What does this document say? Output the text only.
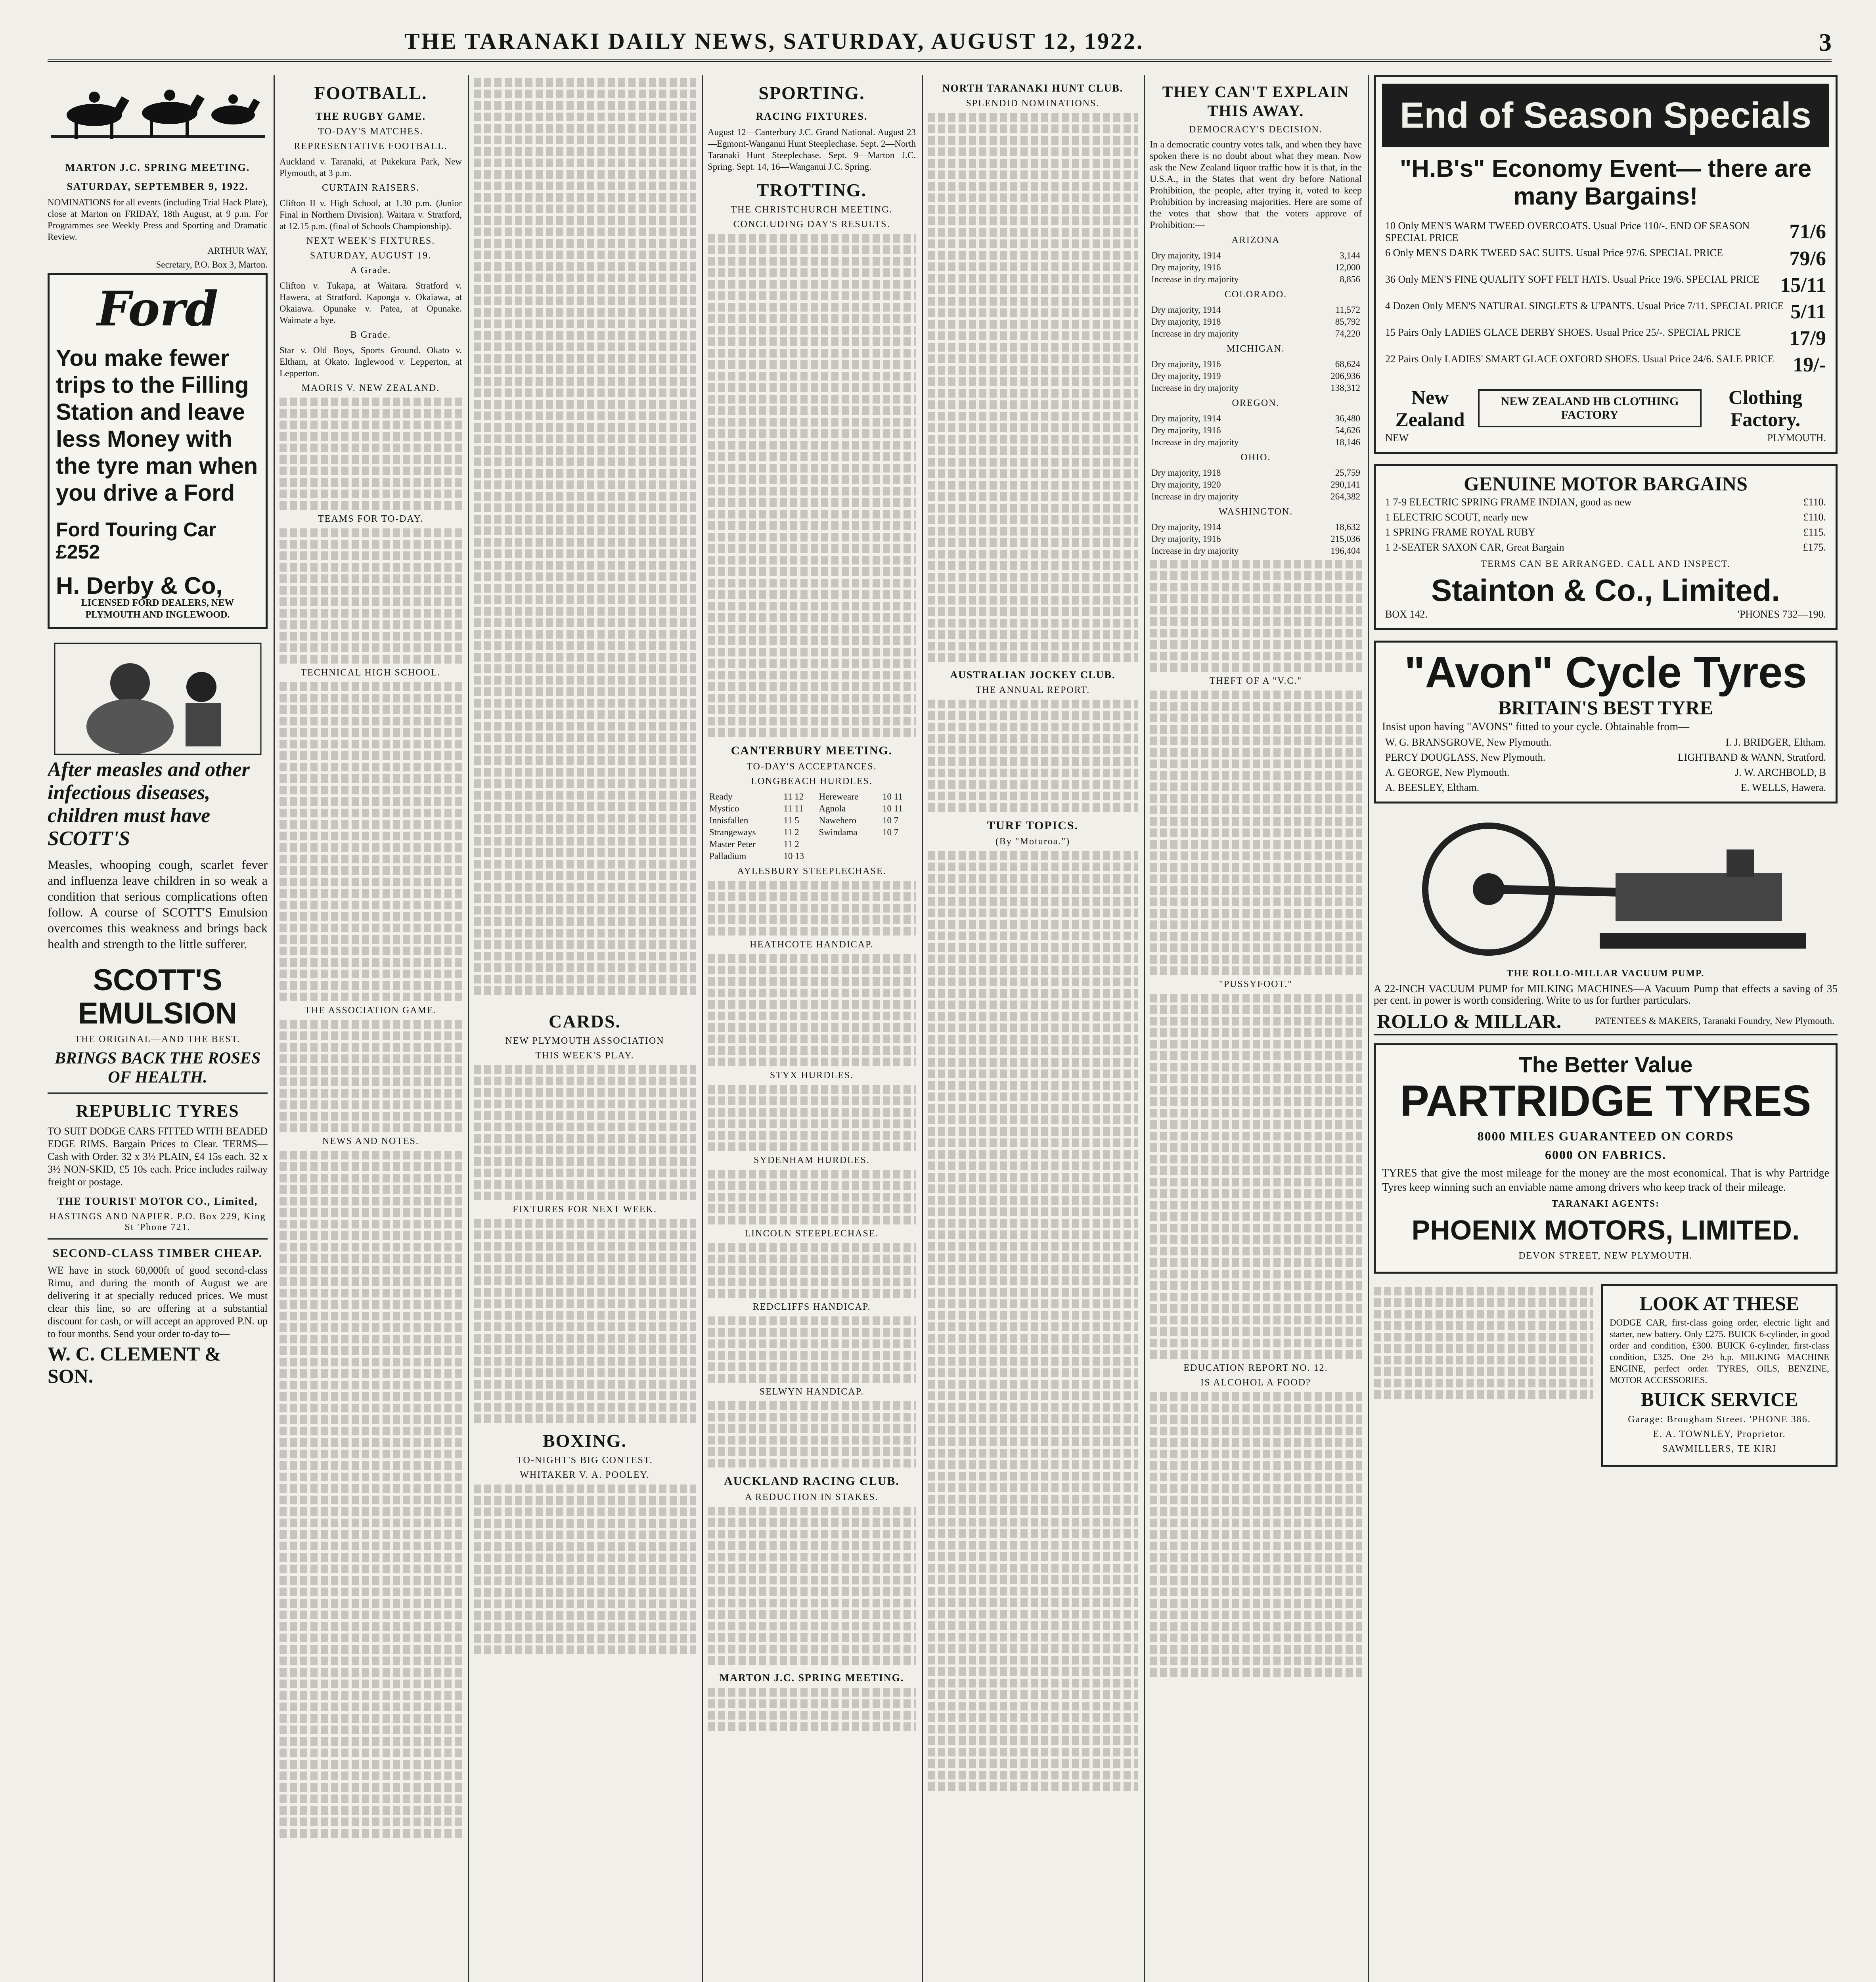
THE TARANAKI DAILY NEWS, SATURDAY, AUGUST 12, 1922.	3
MARTON J.C. SPRING MEETING.
SATURDAY, SEPTEMBER 9, 1922.
NOMINATIONS for all events (including Trial Hack Plate), close at Marton on FRIDAY, 18th August, at 9 p.m. For Programmes see Weekly Press and Sporting and Dramatic Review.
ARTHUR WAY,
Secretary, P.O. Box 3, Marton.
Ford
You make fewer trips to the Filling Station and leave less Money with the tyre man when you drive a Ford
Ford Touring Car £252
H. Derby & Co,
LICENSED FORD DEALERS, NEW PLYMOUTH AND INGLEWOOD.
After measles and other infectious diseases, children must have SCOTT'S
Measles, whooping cough, scarlet fever and influenza leave children in so weak a condition that serious complications often follow. A course of SCOTT'S Emulsion overcomes this weakness and brings back health and strength to the little sufferer.
SCOTT'S EMULSION
THE ORIGINAL—AND THE BEST.
BRINGS BACK THE ROSES OF HEALTH.
REPUBLIC TYRES
TO SUIT DODGE CARS FITTED WITH BEADED EDGE RIMS. Bargain Prices to Clear. TERMS—Cash with Order. 32 x 3½ PLAIN, £4 15s each. 32 x 3½ NON-SKID, £5 10s each. Price includes railway freight or postage.
THE TOURIST MOTOR CO., Limited,
HASTINGS AND NAPIER. P.O. Box 229, King St 'Phone 721.
SECOND-CLASS TIMBER CHEAP.
WE have in stock 60,000ft of good second-class Rimu, and during the month of August we are delivering it at specially reduced prices. We must clear this line, so are offering at a substantial discount for cash, or will accept an approved P.N. up to four months. Send your order to-day to—
W. C. CLEMENT & SON.
FOOTBALL.
THE RUGBY GAME.
TO-DAY'S MATCHES.
REPRESENTATIVE FOOTBALL.
Auckland v. Taranaki, at Pukekura Park, New Plymouth, at 3 p.m.
CURTAIN RAISERS.
Clifton II v. High School, at 1.30 p.m. (Junior Final in Northern Division). Waitara v. Stratford, at 12.15 p.m. (final of Schools Championship).
NEXT WEEK'S FIXTURES.
SATURDAY, AUGUST 19.
A Grade.
Clifton v. Tukapa, at Waitara. Stratford v. Hawera, at Stratford. Kaponga v. Okaiawa, at Okaiawa. Opunake v. Patea, at Opunake. Waimate a bye.
B Grade.
Star v. Old Boys, Sports Ground. Okato v. Eltham, at Okato. Inglewood v. Lepperton, at Lepperton.
MAORIS V. NEW ZEALAND.
TEAMS FOR TO-DAY.
TECHNICAL HIGH SCHOOL.
THE ASSOCIATION GAME.
NEWS AND NOTES.
CARDS.
NEW PLYMOUTH ASSOCIATION
THIS WEEK'S PLAY.
FIXTURES FOR NEXT WEEK.
BOXING.
TO-NIGHT'S BIG CONTEST.
WHITAKER V. A. POOLEY.
SPORTING.
RACING FIXTURES.
August 12—Canterbury J.C. Grand National. August 23—Egmont-Wanganui Hunt Steeplechase. Sept. 2—North Taranaki Hunt Steeplechase. Sept. 9—Marton J.C. Spring. Sept. 14, 16—Wanganui J.C. Spring.
TROTTING.
THE CHRISTCHURCH MEETING.
CONCLUDING DAY'S RESULTS.
CANTERBURY MEETING.
TO-DAY'S ACCEPTANCES.
LONGBEACH HURDLES.
Ready	11 12	Hereweare	10 11
Mystico	11 11	Agnola	10 11
Innisfallen	11 5	Nawehero	10 7
Strangeways	11 2	Swindama	10 7
Master Peter	11 2		
Palladium	10 13		
AYLESBURY STEEPLECHASE.
HEATHCOTE HANDICAP.
STYX HURDLES.
SYDENHAM HURDLES.
LINCOLN STEEPLECHASE.
REDCLIFFS HANDICAP.
SELWYN HANDICAP.
AUCKLAND RACING CLUB.
A REDUCTION IN STAKES.
MARTON J.C. SPRING MEETING.
NORTH TARANAKI HUNT CLUB.
SPLENDID NOMINATIONS.
AUSTRALIAN JOCKEY CLUB.
THE ANNUAL REPORT.
TURF TOPICS.
(By "Moturoa.")
THEY CAN'T EXPLAIN THIS AWAY.
DEMOCRACY'S DECISION.
In a democratic country votes talk, and when they have spoken there is no doubt about what they mean. Now ask the New Zealand liquor traffic how it is that, in the U.S.A., in the States that went dry before National Prohibition, the people, after trying it, voted to keep Prohibition by increasing majorities. Here are some of the votes that show that the voters approve of Prohibition:—
ARIZONA
Dry majority, 1914	3,144
Dry majority, 1916	12,000
Increase in dry majority	8,856
COLORADO.
Dry majority, 1914	11,572
Dry majority, 1918	85,792
Increase in dry majority	74,220
MICHIGAN.
Dry majority, 1916	68,624
Dry majority, 1919	206,936
Increase in dry majority	138,312
OREGON.
Dry majority, 1914	36,480
Dry majority, 1916	54,626
Increase in dry majority	18,146
OHIO.
Dry majority, 1918	25,759
Dry majority, 1920	290,141
Increase in dry majority	264,382
WASHINGTON.
Dry majority, 1914	18,632
Dry majority, 1916	215,036
Increase in dry majority	196,404
THEFT OF A "V.C."
"PUSSYFOOT."
EDUCATION REPORT NO. 12.
IS ALCOHOL A FOOD?
End of Season Specials
"H.B's" Economy Event— there are many Bargains!
10 Only MEN'S WARM TWEED OVERCOATS. Usual Price 110/-. END OF SEASON SPECIAL PRICE	71/6
6 Only MEN'S DARK TWEED SAC SUITS. Usual Price 97/6. SPECIAL PRICE	79/6
36 Only MEN'S FINE QUALITY SOFT FELT HATS. Usual Price 19/6. SPECIAL PRICE	15/11
4 Dozen Only MEN'S NATURAL SINGLETS & U'PANTS. Usual Price 7/11. SPECIAL PRICE 5/11
15 Pairs Only LADIES GLACE DERBY SHOES. Usual Price 25/-. SPECIAL PRICE	17/9
22 Pairs Only LADIES' SMART GLACE OXFORD SHOES. Usual Price 24/6. SALE PRICE 19/-
New Zealand
NEW ZEALAND HB CLOTHING FACTORY
Clothing Factory.
NEW	PLYMOUTH.
GENUINE MOTOR BARGAINS
1 7-9 ELECTRIC SPRING FRAME INDIAN, good as new	£110.
1 ELECTRIC SCOUT, nearly new	£110.
1 SPRING FRAME ROYAL RUBY	£115.
1 2-SEATER SAXON CAR, Great Bargain	£175.
TERMS CAN BE ARRANGED. CALL AND INSPECT.
Stainton & Co., Limited.
BOX 142.	'PHONES 732—190.
"Avon" Cycle Tyres
BRITAIN'S BEST TYRE
Insist upon having "AVONS" fitted to your cycle. Obtainable from—
W. G. BRANSGROVE, New Plymouth.	I. J. BRIDGER, Eltham.
PERCY DOUGLASS, New Plymouth.	LIGHTBAND & WANN, Stratford.
A. GEORGE, New Plymouth.	J. W. ARCHBOLD, B
A. BEESLEY, Eltham.	E. WELLS, Hawera.
THE ROLLO-MILLAR VACUUM PUMP.
A 22-INCH VACUUM PUMP for MILKING MACHINES—A Vacuum Pump that effects a saving of 35 per cent. in power is worth considering. Write to us for further particulars.
ROLLO & MILLAR.	PATENTEES & MAKERS, Taranaki Foundry, New Plymouth.
The Better Value
PARTRIDGE TYRES
8000 MILES GUARANTEED ON CORDS
6000 ON FABRICS.
TYRES that give the most mileage for the money are the most economical. That is why Partridge Tyres keep winning such an enviable name among drivers who keep track of their mileage.
TARANAKI AGENTS:
PHOENIX MOTORS, LIMITED.
DEVON STREET, NEW PLYMOUTH.
LOOK AT THESE
DODGE CAR, first-class going order, electric light and starter, new battery. Only £275. BUICK 6-cylinder, in good order and condition, £300. BUICK 6-cylinder, first-class condition, £325. One 2½ h.p. MILKING MACHINE ENGINE, perfect order. TYRES, OILS, BENZINE, MOTOR ACCESSORIES.
BUICK SERVICE
Garage: Brougham Street. 'PHONE 386.
E. A. TOWNLEY, Proprietor.
SAWMILLERS, TE KIRI
